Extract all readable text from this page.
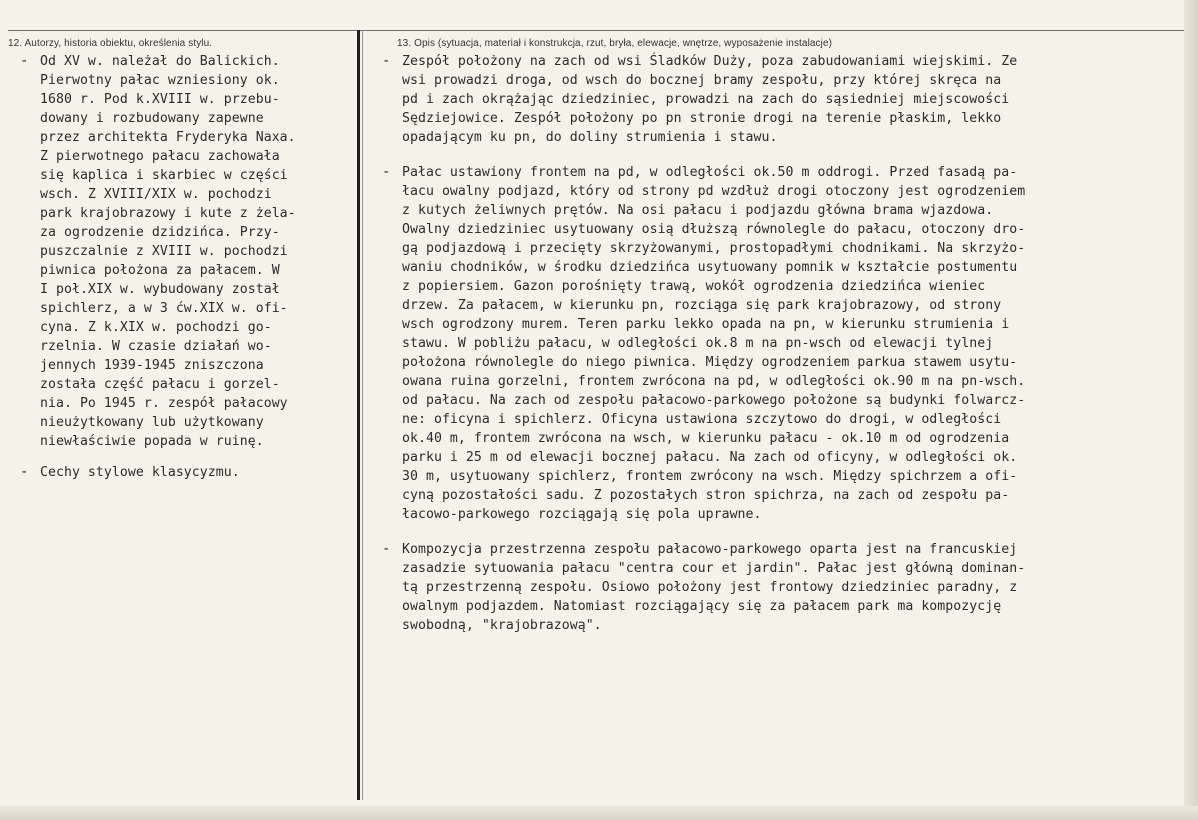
12. Autorzy, historia obiektu, określenia stylu.	13. Opis (sytuacja, materiał i konstrukcja, rzut, bryła, elewacje, wnętrze, wyposażenie instalacje)
- Od XV w. należał do Balickich.
Pierwotny pałac wzniesiony ok.
1680 r. Pod k.XVIII w. przebu-
dowany i rozbudowany zapewne
przez architekta Fryderyka Naxa.
Z pierwotnego pałacu zachowała
się kaplica i skarbiec w części
wsch. Z XVIII/XIX w. pochodzi
park krajobrazowy i kute z żela-
za ogrodzenie dzidzińca. Przy-
puszczalnie z XVIII w. pochodzi
piwnica położona za pałacem. W
I poł.XIX w. wybudowany został
spichlerz, a w 3 ćw.XIX w. ofi-
cyna. Z k.XIX w. pochodzi go-
rzelnia. W czasie działań wo-
jennych 1939-1945 zniszczona
została część pałacu i gorzel-
nia. Po 1945 r. zespół pałacowy
nieużytkowany lub użytkowany
niewłaściwie popada w ruinę.
- Cechy stylowe klasycyzmu.
- Zespół położony na zach od wsi Śladków Duży, poza zabudowaniami wiejskimi. Ze
wsi prowadzi droga, od wsch do bocznej bramy zespołu, przy której skręca na
pd i zach okrążając dziedziniec, prowadzi na zach do sąsiedniej miejscowości
Sędziejowice. Zespół położony po pn stronie drogi na terenie płaskim, lekko
opadającym ku pn, do doliny strumienia i stawu.
- Pałac ustawiony frontem na pd, w odległości ok.50 m oddrogi. Przed fasadą pa-
łacu owalny podjazd, który od strony pd wzdłuż drogi otoczony jest ogrodzeniem
z kutych żeliwnych prętów. Na osi pałacu i podjazdu główna brama wjazdowa.
Owalny dziedziniec usytuowany osią dłuższą równolegle do pałacu, otoczony dro-
gą podjazdową i przecięty skrzyżowanymi, prostopadłymi chodnikami. Na skrzyżo-
waniu chodników, w środku dziedzińca usytuowany pomnik w kształcie postumentu
z popiersiem. Gazon porośnięty trawą, wokół ogrodzenia dziedzińca wieniec
drzew. Za pałacem, w kierunku pn, rozciąga się park krajobrazowy, od strony
wsch ogrodzony murem. Teren parku lekko opada na pn, w kierunku strumienia i
stawu. W pobliżu pałacu, w odległości ok.8 m na pn-wsch od elewacji tylnej
położona równolegle do niego piwnica. Między ogrodzeniem parkua stawem usytu-
owana ruina gorzelni, frontem zwrócona na pd, w odległości ok.90 m na pn-wsch.
od pałacu. Na zach od zespołu pałacowo-parkowego położone są budynki folwarcz-
ne: oficyna i spichlerz. Oficyna ustawiona szczytowo do drogi, w odległości
ok.40 m, frontem zwrócona na wsch, w kierunku pałacu - ok.10 m od ogrodzenia
parku i 25 m od elewacji bocznej pałacu. Na zach od oficyny, w odległości ok.
30 m, usytuowany spichlerz, frontem zwrócony na wsch. Między spichrzem a ofi-
cyną pozostałości sadu. Z pozostałych stron spichrza, na zach od zespołu pa-
łacowo-parkowego rozciągają się pola uprawne.
- Kompozycja przestrzenna zespołu pałacowo-parkowego oparta jest na francuskiej
zasadzie sytuowania pałacu "centra cour et jardin". Pałac jest główną dominan-
tą przestrzenną zespołu. Osiowo położony jest frontowy dziedziniec paradny, z
owalnym podjazdem. Natomiast rozciągający się za pałacem park ma kompozycję
swobodną, "krajobrazową".
